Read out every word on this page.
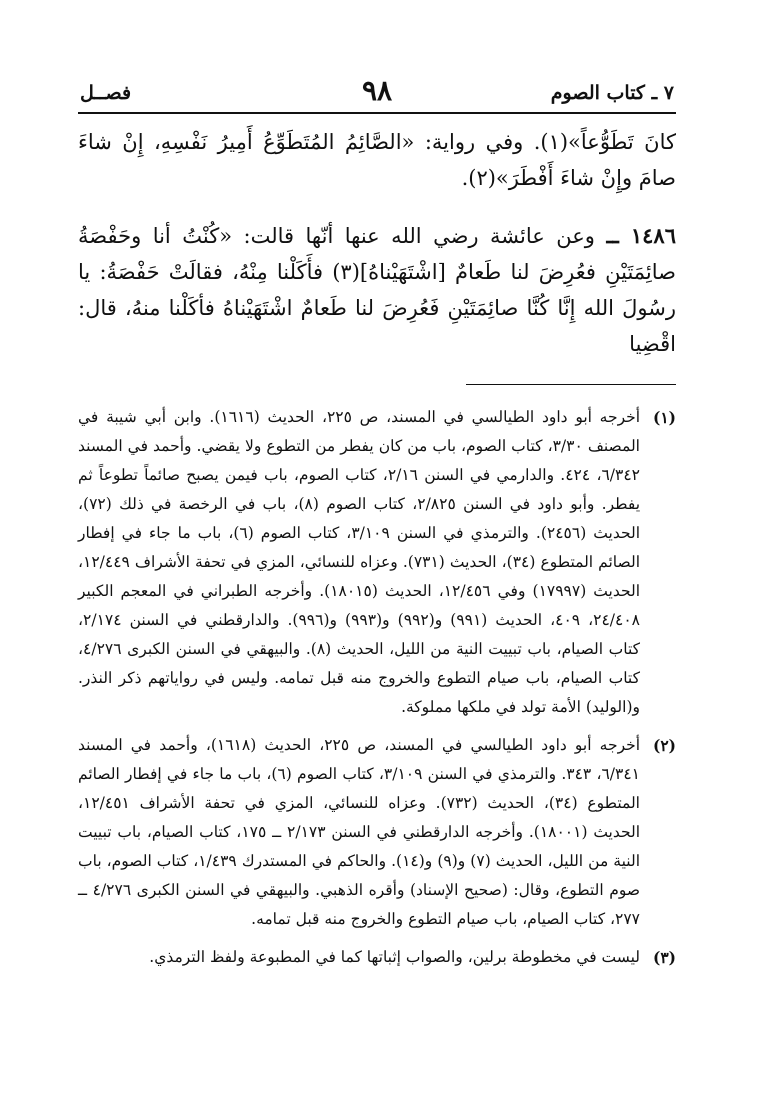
٧ ـ كتاب الصوم
٩٨
فصــل

كانَ تَطَوُّعاً»(١). وفي رواية: «الصَّائِمُ المُتَطَوِّعُ أَمِيرُ نَفْسِهِ، إِنْ شاءَ صامَ وإِنْ شاءَ أَفْطَرَ»(٢).

١٤٨٦ ــ وعن عائشة رضي الله عنها أنّها قالت: «كُنْتُ أنا وحَفْصَةُ صائِمَتَيْنِ فعُرِضَ لنا طَعامٌ [اشْتَهَيْناهُ](٣) فأَكَلْنا مِنْهُ، فقالَتْ حَفْصَةُ: يا رسُولَ الله إِنَّا كُنَّا صائِمَتَيْنِ فَعُرِضَ لنا طَعامٌ اشْتَهَيْناهُ فأكَلْنا منهُ، قال: اقْضِيا

(١)
أخرجه أبو داود الطيالسي في المسند، ص ٢٢٥، الحديث (١٦١٦). وابن أبي شيبة في المصنف ٣/٣٠، كتاب الصوم، باب من كان يفطر من التطوع ولا يقضي. وأحمد في المسند ٦/٣٤٢، ٤٢٤. والدارمي في السنن ٢/١٦، كتاب الصوم، باب فيمن يصبح صائماً تطوعاً ثم يفطر. وأبو داود في السنن ٢/٨٢٥، كتاب الصوم (٨)، باب في الرخصة في ذلك (٧٢)، الحديث (٢٤٥٦). والترمذي في السنن ٣/١٠٩، كتاب الصوم (٦)، باب ما جاء في إفطار الصائم المتطوع (٣٤)، الحديث (٧٣١). وعزاه للنسائي، المزي في تحفة الأشراف ١٢/٤٤٩، الحديث (١٧٩٩٧) وفي ١٢/٤٥٦، الحديث (١٨٠١٥). وأخرجه الطبراني في المعجم الكبير ٢٤/٤٠٨، ٤٠٩، الحديث (٩٩١) و(٩٩٢) و(٩٩٣) و(٩٩٦). والدارقطني في السنن ٢/١٧٤، كتاب الصيام، باب تبييت النية من الليل، الحديث (٨). والبيهقي في السنن الكبرى ٤/٢٧٦، كتاب الصيام، باب صيام التطوع والخروج منه قبل تمامه. وليس في رواياتهم ذكر النذر. و(الوليد) الأمة تولد في ملكها مملوكة.
(٢)
أخرجه أبو داود الطيالسي في المسند، ص ٢٢٥، الحديث (١٦١٨)، وأحمد في المسند ٦/٣٤١، ٣٤٣. والترمذي في السنن ٣/١٠٩، كتاب الصوم (٦)، باب ما جاء في إفطار الصائم المتطوع (٣٤)، الحديث (٧٣٢). وعزاه للنسائي، المزي في تحفة الأشراف ١٢/٤٥١، الحديث (١٨٠٠١). وأخرجه الدارقطني في السنن ٢/١٧٣ ــ ١٧٥، كتاب الصيام، باب تبييت النية من الليل، الحديث (٧) و(٩) و(١٤). والحاكم في المستدرك ١/٤٣٩، كتاب الصوم، باب صوم التطوع، وقال: (صحيح الإسناد) وأقره الذهبي. والبيهقي في السنن الكبرى ٤/٢٧٦ ــ ٢٧٧، كتاب الصيام، باب صيام التطوع والخروج منه قبل تمامه.
(٣)
ليست في مخطوطة برلين، والصواب إثباتها كما في المطبوعة ولفظ الترمذي.
